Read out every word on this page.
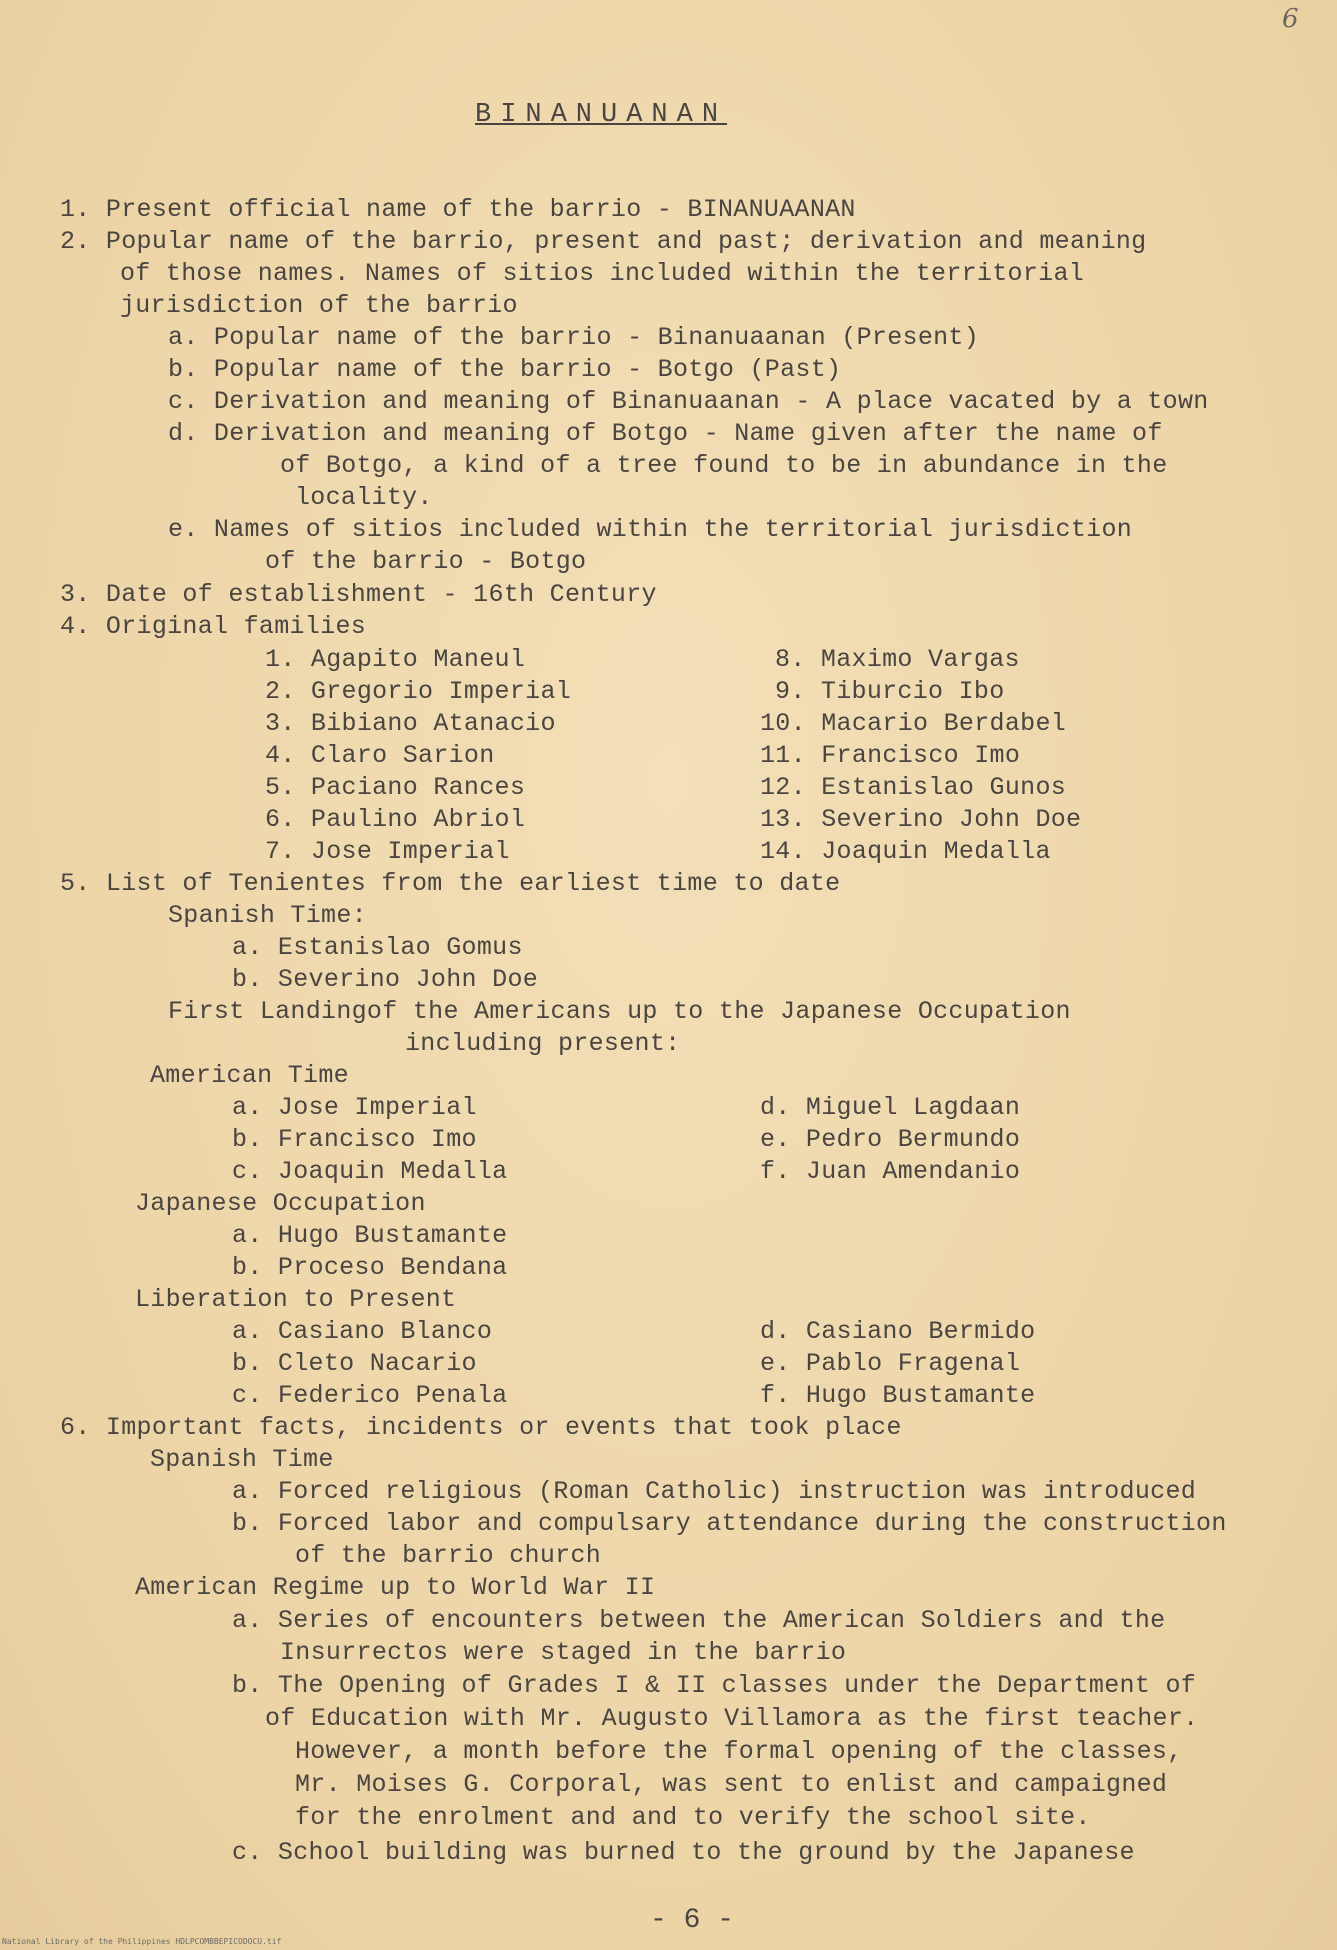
6
BINANUANAN
1. Present official name of the barrio - BINANUAANAN
2. Popular name of the barrio, present and past; derivation and meaning
of those names. Names of sitios included within the territorial
jurisdiction of the barrio
a. Popular name of the barrio - Binanuaanan (Present)
b. Popular name of the barrio - Botgo (Past)
c. Derivation and meaning of Binanuaanan - A place vacated by a town
d. Derivation and meaning of Botgo - Name given after the name of
of Botgo, a kind of a tree found to be in abundance in the
locality.
e. Names of sitios included within the territorial jurisdiction
of the barrio - Botgo
3. Date of establishment - 16th Century
4. Original families
1. Agapito Maneul	8. Maximo Vargas
2. Gregorio Imperial	9. Tiburcio Ibo
3. Bibiano Atanacio	10. Macario Berdabel
4. Claro Sarion	11. Francisco Imo
5. Paciano Rances	12. Estanislao Gunos
6. Paulino Abriol	13. Severino John Doe
7. Jose Imperial	14. Joaquin Medalla
5. List of Tenientes from the earliest time to date
Spanish Time:
a. Estanislao Gomus
b. Severino John Doe
First Landingof the Americans up to the Japanese Occupation
including present:
American Time
a. Jose Imperial	d. Miguel Lagdaan
b. Francisco Imo	e. Pedro Bermundo
c. Joaquin Medalla	f. Juan Amendanio
Japanese Occupation
a. Hugo Bustamante
b. Proceso Bendana
Liberation to Present
a. Casiano Blanco	d. Casiano Bermido
b. Cleto Nacario	e. Pablo Fragenal
c. Federico Penala	f. Hugo Bustamante
6. Important facts, incidents or events that took place
Spanish Time
a. Forced religious (Roman Catholic) instruction was introduced
b. Forced labor and compulsary attendance during the construction
of the barrio church
American Regime up to World War II
a. Series of encounters between the American Soldiers and the
Insurrectos were staged in the barrio
b. The Opening of Grades I & II classes under the Department of
of Education with Mr. Augusto Villamora as the first teacher.
However, a month before the formal opening of the classes,
Mr. Moises G. Corporal, was sent to enlist and campaigned
for the enrolment and and to verify the school site.
c. School building was burned to the ground by the Japanese
- 6 -
National Library of the Philippines HDLPCOMBBEPICODOCU.tif
